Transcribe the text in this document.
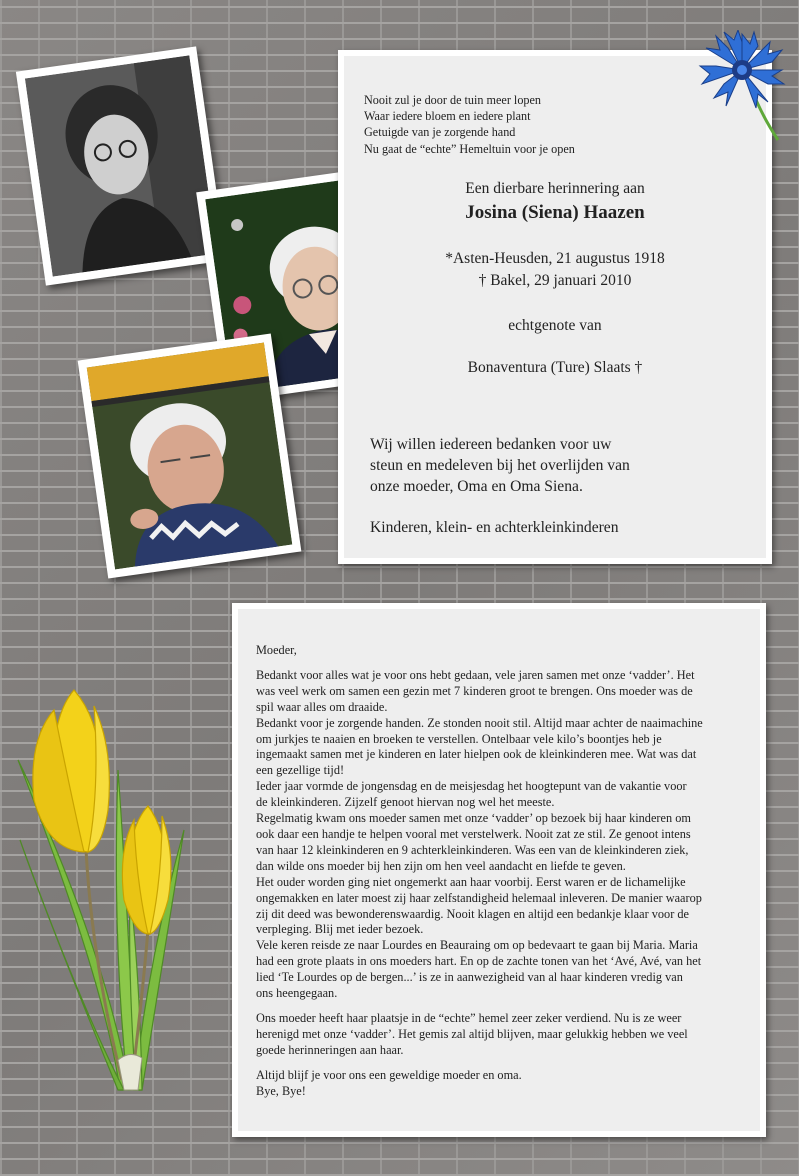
Nooit zul je door de tuin meer lopen
Waar iedere bloem en iedere plant
Getuigde van je zorgende hand
Nu gaat de “echte” Hemeltuin voor je open
Een dierbare herinnering aan
Josina (Siena) Haazen
*Asten-Heusden, 21 augustus 1918
† Bakel, 29 januari 2010
echtgenote van
Bonaventura (Ture) Slaats †
Wij willen iedereen bedanken voor uw
steun en medeleven bij het overlijden van
onze moeder, Oma en Oma Siena.
Kinderen, klein- en achterkleinkinderen

Moeder,

Bedankt voor alles wat je voor ons hebt gedaan, vele jaren samen met onze ‘vadder’. Het

was veel werk om samen een gezin met 7 kinderen groot te brengen. Ons moeder was de

spil waar alles om draaide.

Bedankt voor je zorgende handen. Ze stonden nooit stil. Altijd maar achter de naaimachine

om jurkjes te naaien en broeken te verstellen. Ontelbaar vele kilo’s boontjes heb je

ingemaakt samen met je kinderen en later hielpen ook de kleinkinderen mee. Wat was dat

een gezellige tijd!

Ieder jaar vormde de jongensdag en de meisjesdag het hoogtepunt van de vakantie voor

de kleinkinderen. Zijzelf genoot hiervan nog wel het meeste.

Regelmatig kwam ons moeder samen met onze ‘vadder’ op bezoek bij haar kinderen om

ook daar een handje te helpen vooral met verstelwerk. Nooit zat ze stil. Ze genoot intens

van haar 12 kleinkinderen en 9 achterkleinkinderen. Was een van de kleinkinderen ziek,

dan wilde ons moeder bij hen zijn om hen veel aandacht en liefde te geven.

Het ouder worden ging niet ongemerkt aan haar voorbij. Eerst waren er de lichamelijke

ongemakken en later moest zij haar zelfstandigheid helemaal inleveren. De manier waarop

zij dit deed was bewonderenswaardig. Nooit klagen en altijd een bedankje klaar voor de

verpleging. Blij met ieder bezoek.

Vele keren reisde ze naar Lourdes en Beauraing om op bedevaart te gaan bij Maria. Maria

had een grote plaats in ons moeders hart. En op de zachte tonen van het ‘Avé, Avé, van het

lied ‘Te Lourdes op de bergen...’ is ze in aanwezigheid van al haar kinderen vredig van

ons heengegaan.

Ons moeder heeft haar plaatsje in de “echte” hemel zeer zeker verdiend. Nu is ze weer

herenigd met onze ‘vadder’. Het gemis zal altijd blijven, maar gelukkig hebben we veel

goede herinneringen aan haar.

Altijd blijf je voor ons een geweldige moeder en oma.

Bye, Bye!
